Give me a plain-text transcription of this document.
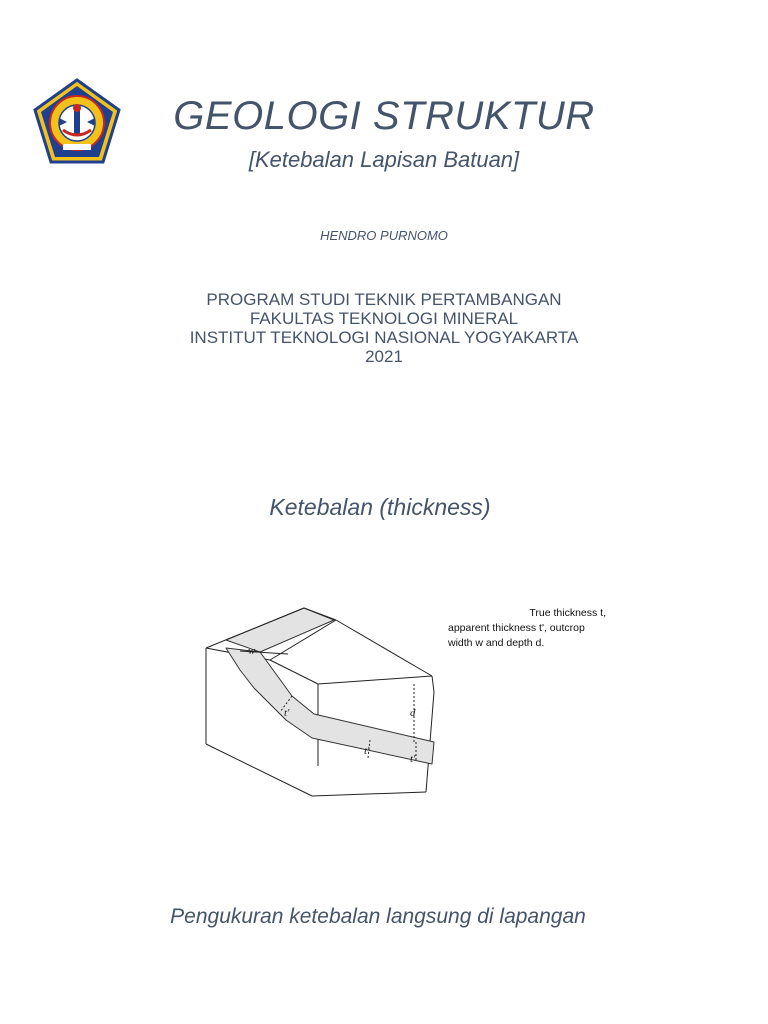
GEOLOGI STRUKTUR
[Ketebalan Lapisan Batuan]
HENDRO PURNOMO
PROGRAM STUDI TEKNIK PERTAMBANGAN
FAKULTAS TEKNOLOGI MINERAL
INSTITUT TEKNOLOGI NASIONAL YOGYAKARTA
2021
Ketebalan (thickness)
w
t'
t'
t'
d
True thickness t,
apparent thickness t', outcrop
width w and depth d.
Pengukuran ketebalan langsung di lapangan
